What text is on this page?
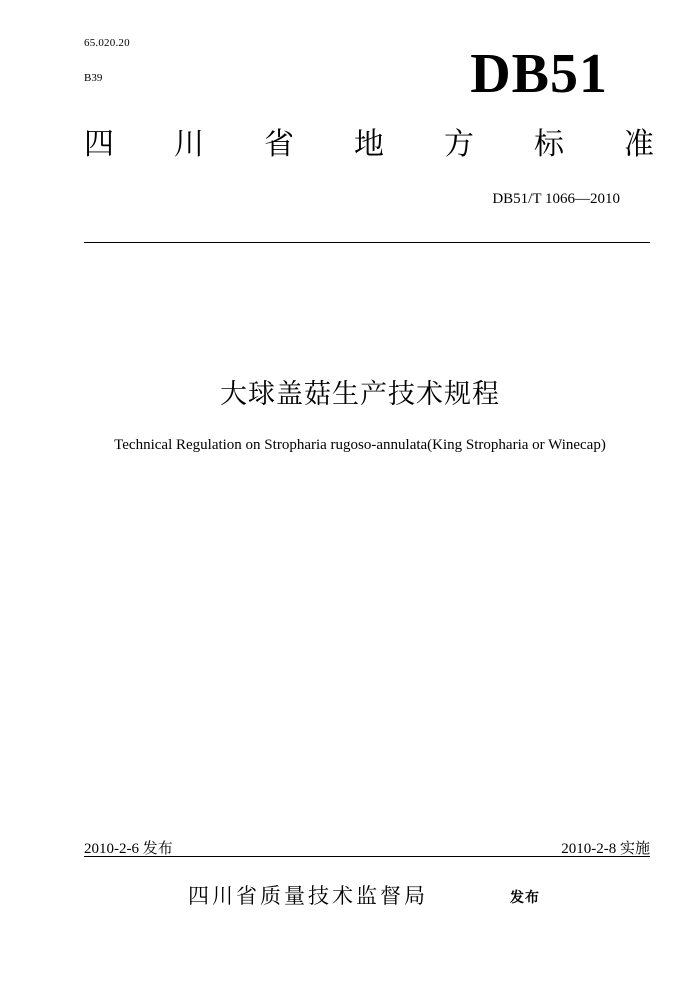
65.020.20
B39	DB51
四 川 省 地 方 标 准
DB51/T 1066—2010
大球盖菇生产技术规程
Technical Regulation on Stropharia rugoso-annulata(King Stropharia or Winecap)
2010-2-6 发布	2010-2-8 实施
四川省质量技术监督局	发布
